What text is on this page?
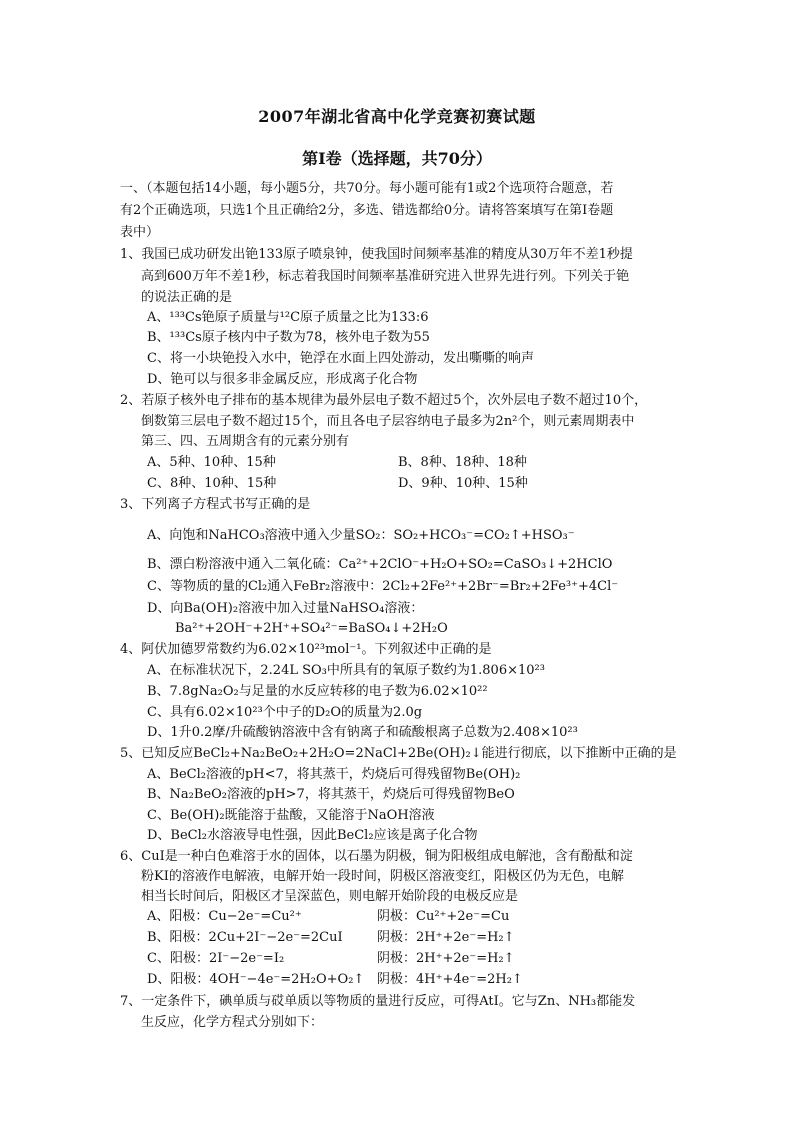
2007年湖北省高中化学竞赛初赛试题
第Ⅰ卷（选择题，共70分）
一、（本题包括14小题，每小题5分，共70分。每小题可能有1或2个选项符合题意，若
有2个正确选项，只选1个且正确给2分，多选、错选都给0分。请将答案填写在第Ⅰ卷题
表中）
1、我国已成功研发出铯133原子喷泉钟，使我国时间频率基准的精度从30万年不差1秒提
高到600万年不差1秒，标志着我国时间频率基准研究进入世界先进行列。下列关于铯
的说法正确的是
A、¹³³Cs铯原子质量与¹²C原子质量之比为133:6
B、¹³³Cs原子核内中子数为78，核外电子数为55
C、将一小块铯投入水中，铯浮在水面上四处游动，发出嘶嘶的响声
D、铯可以与很多非金属反应，形成离子化合物
2、若原子核外电子排布的基本规律为最外层电子数不超过5个，次外层电子数不超过10个，
倒数第三层电子数不超过15个，而且各电子层容纳电子最多为2n²个，则元素周期表中
第三、四、五周期含有的元素分别有
A、5种、10种、15种	B、8种、18种、18种
C、8种、10种、15种	D、9种、10种、15种
3、下列离子方程式书写正确的是
A、向饱和NaHCO₃溶液中通入少量SO₂：SO₂+HCO₃⁻=CO₂↑+HSO₃⁻
B、漂白粉溶液中通入二氧化硫：Ca²⁺+2ClO⁻+H₂O+SO₂=CaSO₃↓+2HClO
C、等物质的量的Cl₂通入FeBr₂溶液中：2Cl₂+2Fe²⁺+2Br⁻=Br₂+2Fe³⁺+4Cl⁻
D、向Ba(OH)₂溶液中加入过量NaHSO₄溶液：
Ba²⁺+2OH⁻+2H⁺+SO₄²⁻=BaSO₄↓+2H₂O
4、阿伏加德罗常数约为6.02×10²³mol⁻¹。下列叙述中正确的是
A、在标准状况下，2.24L SO₃中所具有的氧原子数约为1.806×10²³
B、7.8gNa₂O₂与足量的水反应转移的电子数为6.02×10²²
C、具有6.02×10²³个中子的D₂O的质量为2.0g
D、1升0.2摩/升硫酸钠溶液中含有钠离子和硫酸根离子总数为2.408×10²³
5、已知反应BeCl₂+Na₂BeO₂+2H₂O=2NaCl+2Be(OH)₂↓能进行彻底，以下推断中正确的是
A、BeCl₂溶液的pH<7，将其蒸干，灼烧后可得残留物Be(OH)₂
B、Na₂BeO₂溶液的pH>7，将其蒸干，灼烧后可得残留物BeO
C、Be(OH)₂既能溶于盐酸，又能溶于NaOH溶液
D、BeCl₂水溶液导电性强，因此BeCl₂应该是离子化合物
6、CuI是一种白色难溶于水的固体，以石墨为阴极，铜为阳极组成电解池，含有酚酞和淀
粉KI的溶液作电解液，电解开始一段时间，阴极区溶液变红，阳极区仍为无色，电解
相当长时间后，阳极区才呈深蓝色，则电解开始阶段的电极反应是
A、阳极：Cu−2e⁻=Cu²⁺	阴极：Cu²⁺+2e⁻=Cu
B、阳极：2Cu+2I⁻−2e⁻=2CuI	阴极：2H⁺+2e⁻=H₂↑
C、阳极：2I⁻−2e⁻=I₂	阴极：2H⁺+2e⁻=H₂↑
D、阳极：4OH⁻−4e⁻=2H₂O+O₂↑ 阴极：4H⁺+4e⁻=2H₂↑
7、一定条件下，碘单质与砹单质以等物质的量进行反应，可得AtI。它与Zn、NH₃都能发
生反应，化学方程式分别如下：
